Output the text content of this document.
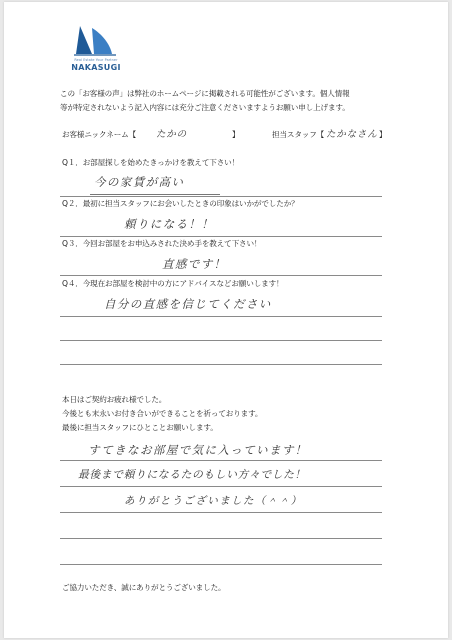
Real Estate Your Partner
NAKASUGI
この「お客様の声」は弊社のホームページに掲載される可能性がございます。個人情報
等が特定されないよう記入内容には充分ご注意くださいますようお願い申し上げます。
お客様ニックネーム【 たかの	】	担当スタッフ【 たかなさん 】
Q１．お部屋探しを始めたきっかけを教えて下さい！
今の家賃が高い
Q２．最初に担当スタッフにお会いしたときの印象はいかがでしたか？
頼りになる！！
Q３．今回お部屋をお申込みされた決め手を教えて下さい！
直感です！
Q４．今現在お部屋を検討中の方にアドバイスなどお願いします！
自分の直感を信じてください
本日はご契約お疲れ様でした。
今後とも末永いお付き合いができることを祈っております。
最後に担当スタッフにひとことお願いします。
すてきなお部屋で気に入っています！
最後まで頼りになるたのもしい方々でした！
ありがとうございました（＾＾）
ご協力いただき、誠にありがとうございました。
